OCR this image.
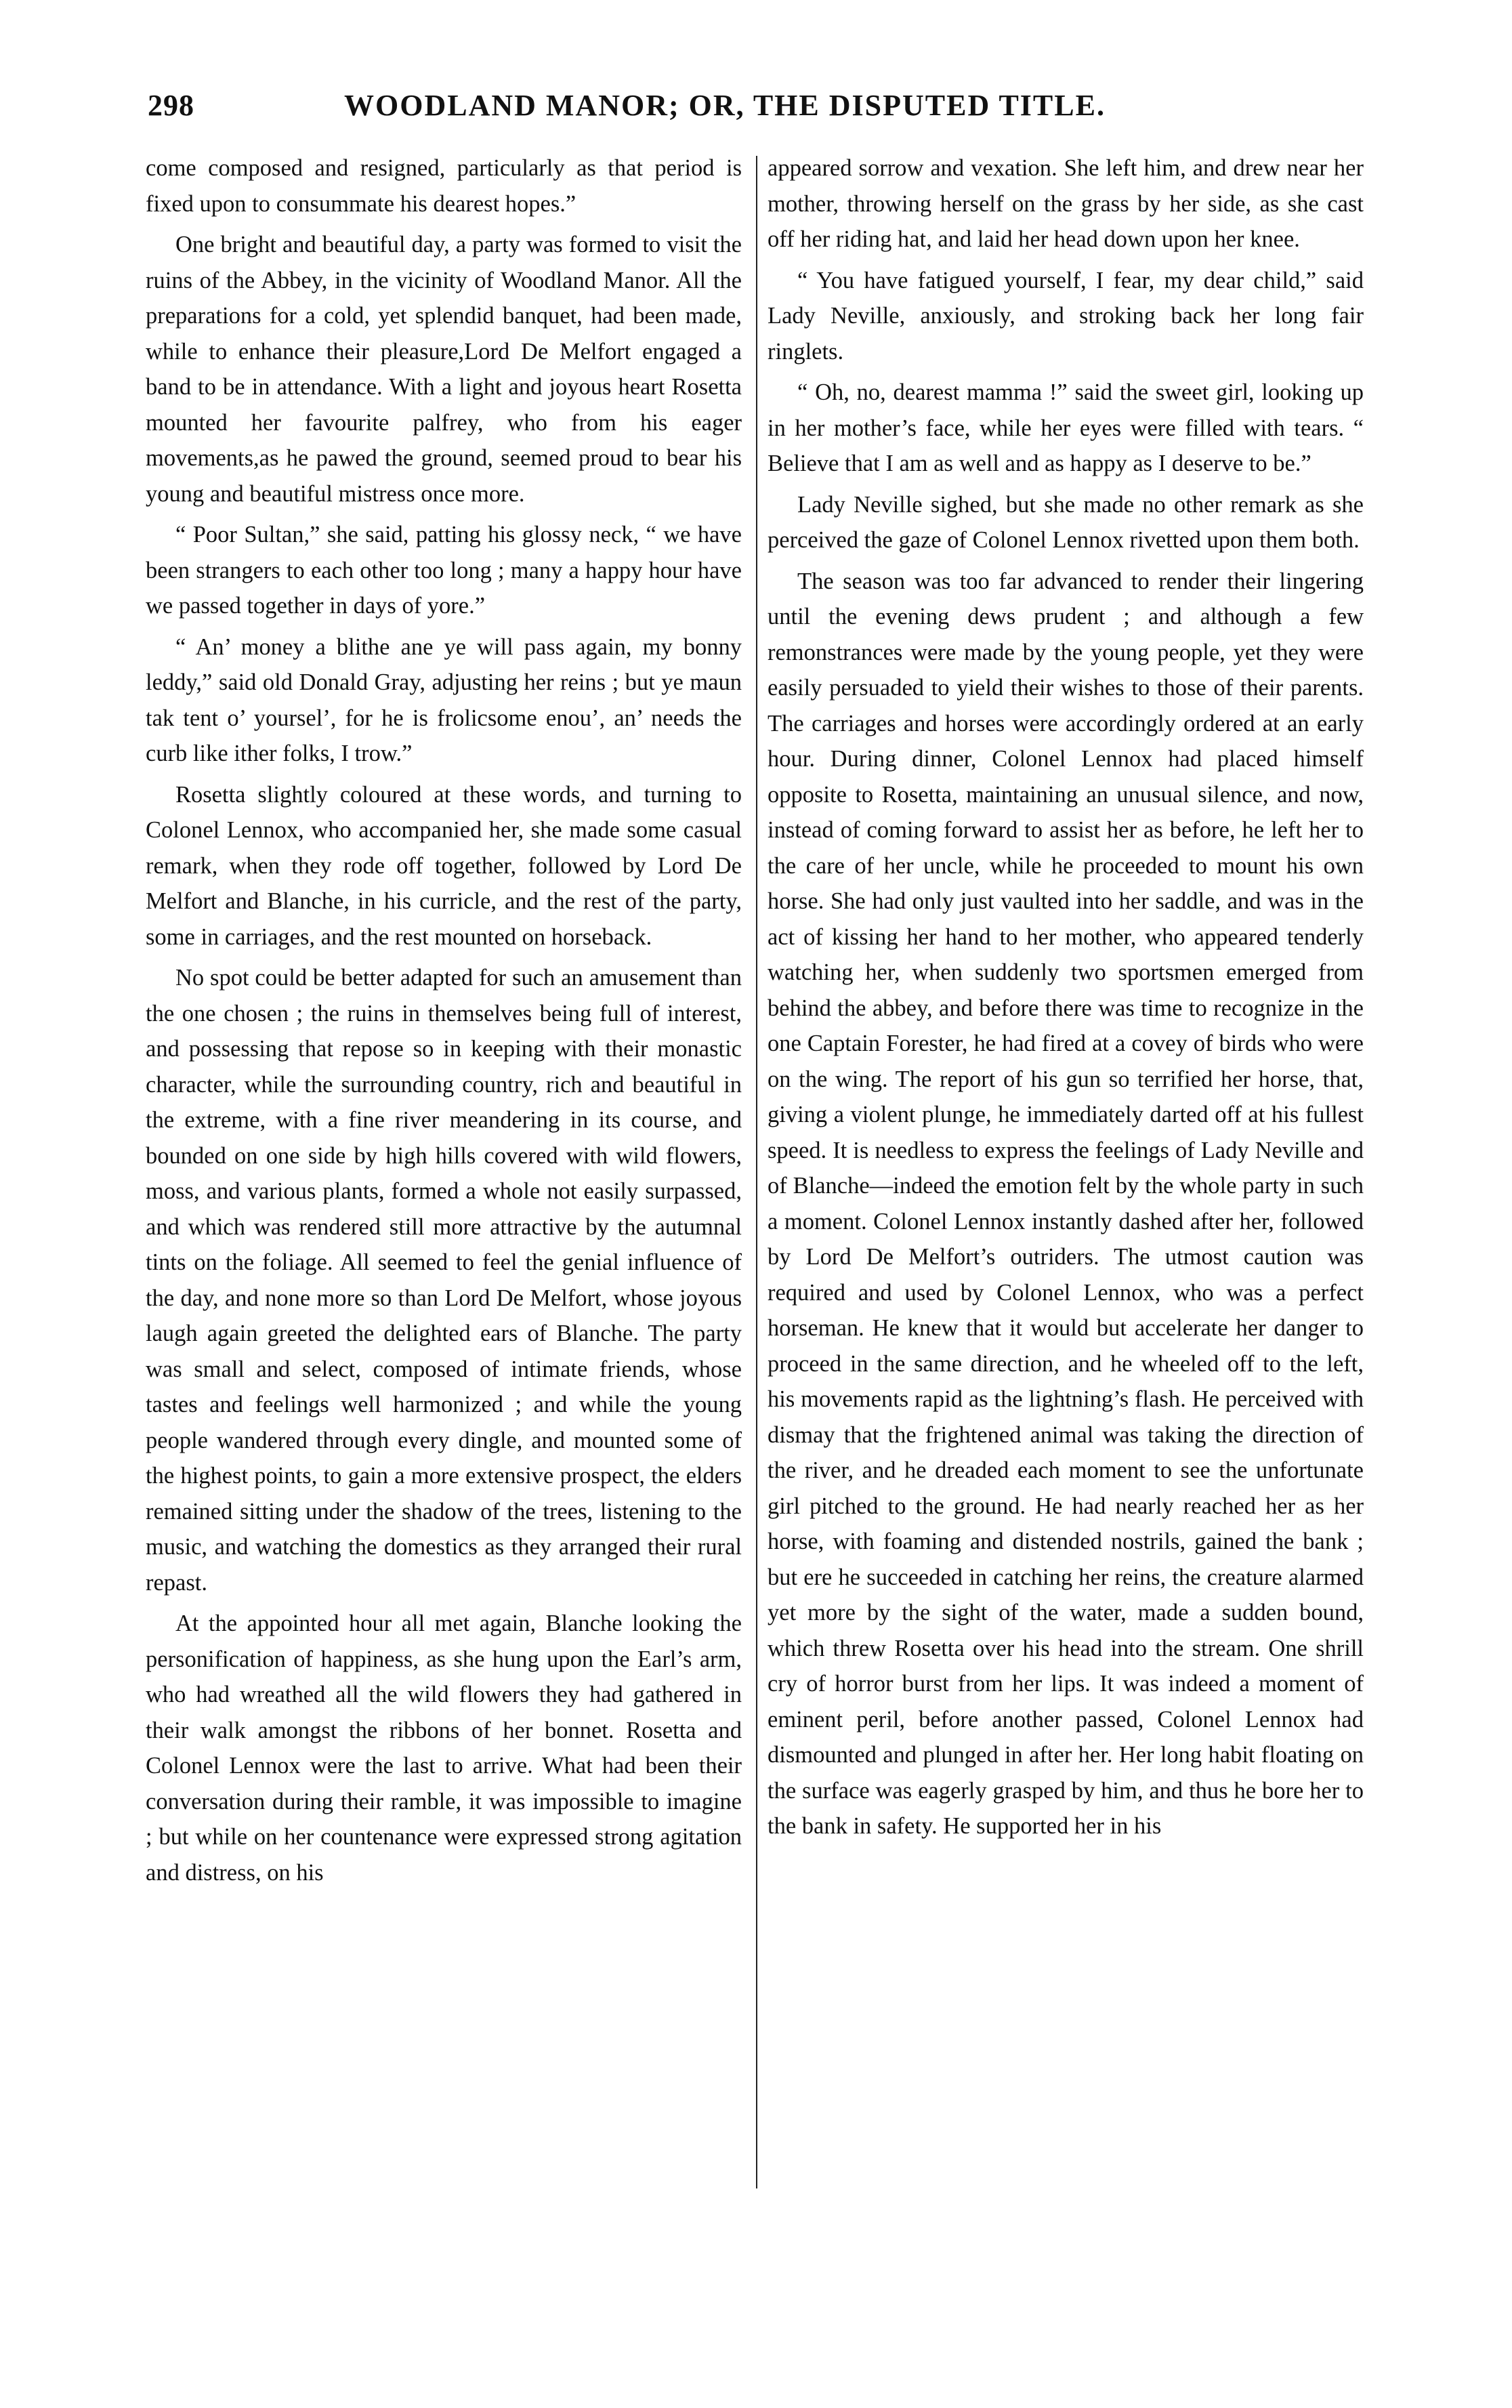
298	WOODLAND MANOR; OR, THE DISPUTED TITLE.

come composed and resigned, particularly as that period is fixed upon to consummate his dearest hopes.”

One bright and beautiful day, a party was formed to visit the ruins of the Abbey, in the vicinity of Woodland Manor. All the preparations for a cold, yet splendid banquet, had been made, while to enhance their pleasure,Lord De Melfort engaged a band to be in attendance. With a light and joyous heart Rosetta mounted her favourite palfrey, who from his eager movements,as he pawed the ground, seemed proud to bear his young and beautiful mistress once more.

“ Poor Sultan,” she said, patting his glossy neck, “ we have been strangers to each other too long ; many a happy hour have we passed together in days of yore.”

“ An’ money a blithe ane ye will pass again, my bonny leddy,” said old Donald Gray, adjusting her reins ; but ye maun tak tent o’ yoursel’, for he is frolicsome enou’, an’ needs the curb like ither folks, I trow.”

Rosetta slightly coloured at these words, and turning to Colonel Lennox, who accompanied her, she made some casual remark, when they rode off together, followed by Lord De Melfort and Blanche, in his curricle, and the rest of the party, some in carriages, and the rest mounted on horseback.

No spot could be better adapted for such an amusement than the one chosen ; the ruins in themselves being full of interest, and possessing that repose so in keeping with their monastic character, while the surrounding country, rich and beautiful in the extreme, with a fine river meandering in its course, and bounded on one side by high hills covered with wild flowers, moss, and various plants, formed a whole not easily surpassed, and which was rendered still more attractive by the autumnal tints on the foliage. All seemed to feel the genial influence of the day, and none more so than Lord De Melfort, whose joyous laugh again greeted the delighted ears of Blanche. The party was small and select, composed of intimate friends, whose tastes and feelings well harmonized ; and while the young people wandered through every dingle, and mounted some of the highest points, to gain a more extensive prospect, the elders remained sitting under the shadow of the trees, listening to the music, and watching the domestics as they arranged their rural repast.

At the appointed hour all met again, Blanche looking the personification of happiness, as she hung upon the Earl’s arm, who had wreathed all the wild flowers they had gathered in their walk amongst the ribbons of her bonnet. Rosetta and Colonel Lennox were the last to arrive. What had been their conversation during their ramble, it was impossible to imagine ; but while on her countenance were expressed strong agitation and distress, on his

appeared sorrow and vexation. She left him, and drew near her mother, throwing herself on the grass by her side, as she cast off her riding hat, and laid her head down upon her knee.

“ You have fatigued yourself, I fear, my dear child,” said Lady Neville, anxiously, and stroking back her long fair ringlets.

“ Oh, no, dearest mamma !” said the sweet girl, looking up in her mother’s face, while her eyes were filled with tears. “ Believe that I am as well and as happy as I deserve to be.”

Lady Neville sighed, but she made no other remark as she perceived the gaze of Colonel Lennox rivetted upon them both.

The season was too far advanced to render their lingering until the evening dews prudent ; and although a few remonstrances were made by the young people, yet they were easily persuaded to yield their wishes to those of their parents. The carriages and horses were accordingly ordered at an early hour. During dinner, Colonel Lennox had placed himself opposite to Rosetta, maintaining an unusual silence, and now, instead of coming forward to assist her as before, he left her to the care of her uncle, while he proceeded to mount his own horse. She had only just vaulted into her saddle, and was in the act of kissing her hand to her mother, who appeared tenderly watching her, when suddenly two sportsmen emerged from behind the abbey, and before there was time to recognize in the one Captain Forester, he had fired at a covey of birds who were on the wing. The report of his gun so terrified her horse, that, giving a violent plunge, he immediately darted off at his fullest speed. It is needless to express the feelings of Lady Neville and of Blanche—indeed the emotion felt by the whole party in such a moment. Colonel Lennox instantly dashed after her, followed by Lord De Melfort’s outriders. The utmost caution was required and used by Colonel Lennox, who was a perfect horseman. He knew that it would but accelerate her danger to proceed in the same direction, and he wheeled off to the left, his movements rapid as the lightning’s flash. He perceived with dismay that the frightened animal was taking the direction of the river, and he dreaded each moment to see the unfortunate girl pitched to the ground. He had nearly reached her as her horse, with foaming and distended nostrils, gained the bank ; but ere he succeeded in catching her reins, the creature alarmed yet more by the sight of the water, made a sudden bound, which threw Rosetta over his head into the stream. One shrill cry of horror burst from her lips. It was indeed a moment of eminent peril, before another passed, Colonel Lennox had dismounted and plunged in after her. Her long habit floating on the surface was eagerly grasped by him, and thus he bore her to the bank in safety. He supported her in his
